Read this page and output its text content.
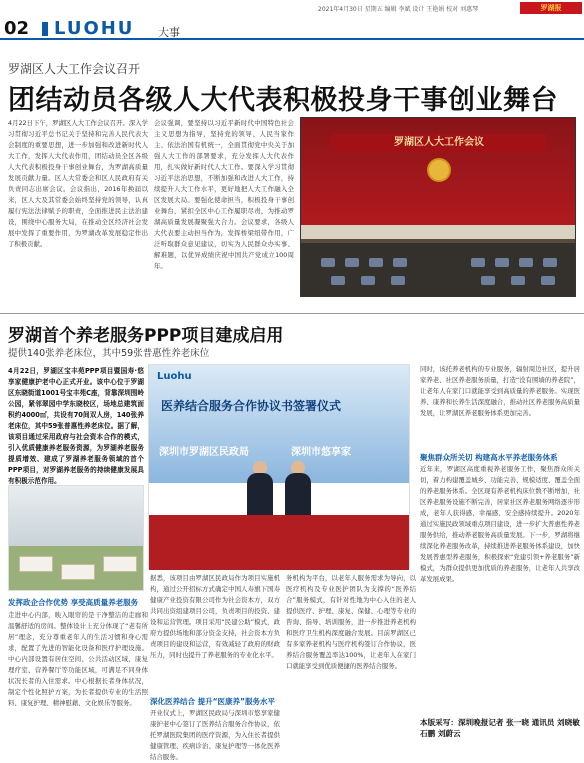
02 LUOHU 大事
2021年4月30日 星期五 编辑 李斌 设计 王艳娟 校对 刘惠琴	罗湖报
罗湖区人大工作会议召开
团结动员各级人大代表积极投身干事创业舞台
4月22日下午，罗湖区人大工作会议召开。深入学习贯彻习近平总书记关于坚持和完善人民代表大会制度的重要思想，进一步加强和改进新时代人大工作，发挥人大代表作用，团结动员全区各级人大代表积极投身干事创业舞台，为罗湖高质量发展贡献力量。区人大常委会和区人民政府有关负责同志出席会议。会议指出，2016年换届以来，区人大及其常委会始终坚持党的领导，认真履行宪法法律赋予的职责，全面推进民主法治建设，围绕中心服务大局，在推动全区经济社会发展中发挥了重要作用，为罗湖改革发展稳定作出了积极贡献。
会议强调，要坚持以习近平新时代中国特色社会主义思想为指导，坚持党的领导、人民当家作主、依法治国有机统一，全面贯彻党中央关于加强人大工作的部署要求，充分发挥人大代表作用，扎实做好新时代人大工作。要深入学习贯彻习近平法治思想，不断加强和改进人大工作，持续提升人大工作水平，更好地把人大工作融入全区发展大局。要强化使命担当，积极投身干事创业舞台，紧扣全区中心工作履职尽责，为推动罗湖高质量发展凝聚强大合力。会议要求，各级人大代表要主动担当作为，发挥桥梁纽带作用，广泛听取群众意见建议，切实为人民群众办实事、解难题，以优异成绩庆祝中国共产党成立100周年。
罗湖区人大工作会议
罗湖首个养老服务PPP项目建成启用
提供140张养老床位，其中59张普惠性养老床位
4月22日，罗湖区宝丰苑PPP项目暨国寿·悠享家健康护老中心正式开业。该中心位于罗湖区东晓街道1001号宝丰苑C座，背靠深圳围岭公园，紧邻翠园中学东晓校区，场地总建筑面积约4000㎡，共设有70间双人房，140张养老床位，其中59张普惠性养老床位。据了解，该项目通过采用政府与社会资本合作的模式，引入优质健康养老服务资源，为罗湖养老服务提质增效、建成了罗湖养老服务领域的首个PPP项目，对罗湖养老服务的持续健康发展具有积极示范作用。
Luohu
医养结合服务合作协议书签署仪式
深圳市罗湖区民政局	深圳市悠享家
发挥政企合作优势 享受高质量养老服务
走进中心内部，映入眼帘的是干净整洁的走廊和温馨舒适的房间。整体设计上充分体现了“老有所居”理念，充分尊重老年人的生活习惯和身心需求，配置了先进的智能化设备和医疗护理设施。中心内部设置有居住空间、公共活动区域、康复理疗室、营养餐厅等功能区域，可满足不同身体状况长者的入住需求。中心根据长者身体状况，制定个性化照护方案，为长者提供专业的生活照料、康复护理、精神慰藉、文化娱乐等服务。
据悉，该项目由罗湖区民政局作为项目实施机构，通过公开招标方式确定中国人寿旗下国寿健康产业投资有限公司作为社会资本方，双方共同出资组建项目公司，负责项目的投资、建设和运营管理。项目采用“民建公助”模式，政府方提供场地和部分资金支持，社会资本方负责项目的建设和运营，有效减轻了政府的财政压力，同时也提升了养老服务的专业化水平。
深化医养结合 提升“医康养”服务水平
开业仪式上，罗湖区民政局与深圳市悠享家健康护老中心签订了医养结合服务合作协议，依托罗湖医院集团的医疗资源，为入住长者提供健康管理、疾病诊治、康复护理等一体化医养结合服务。
务机构为平台，以老年人服务需求为导向，以医疗机构及专业医护团队为支撑的“医养结合”服务模式，有针对性地为中心入住的老人提供医疗、护理、康复、保健、心理等专业的咨询、指导、培训服务，进一步推进养老机构和医疗卫生机构深度融合发展。目前罗湖区已有多家养老机构与医疗机构签订合作协议，医养结合服务覆盖率达100%，让老年人在家门口就能享受到优质便捷的医养结合服务。
同时，该托养老机构的专业服务，辐射周边社区，提升居家养老、社区养老服务质量，打造“没有围墙的养老院”，让老年人在家门口就能享受到高质量的养老服务。实现医养、康养和长养生活深度融合，推动社区养老服务高质量发展，让罗湖区养老服务体系更加完善。
聚焦群众所关切 构建高水平养老服务体系
近年来，罗湖区高度重视养老服务工作，聚焦群众所关切，着力构建覆盖城乡、功能完善、规模适度、覆盖全面的养老服务体系。全区现有养老机构床位数不断增加，社区养老服务设施不断完善，居家社区养老服务网络逐步形成，老年人获得感、幸福感、安全感持续提升。2020年通过实施民政领域重点项目建设，进一步扩大普惠性养老服务供给，推动养老服务高质量发展。下一步，罗湖将继续深化养老服务改革，持续推进养老服务体系建设，加快发展普惠型养老服务，积极探索“党建引领+养老服务”新模式，为群众提供更加优质的养老服务，让老年人共享改革发展成果。
本版采写：深圳晚报记者 张一晓 通讯员 刘晓敏 石鹏 刘蔚云
